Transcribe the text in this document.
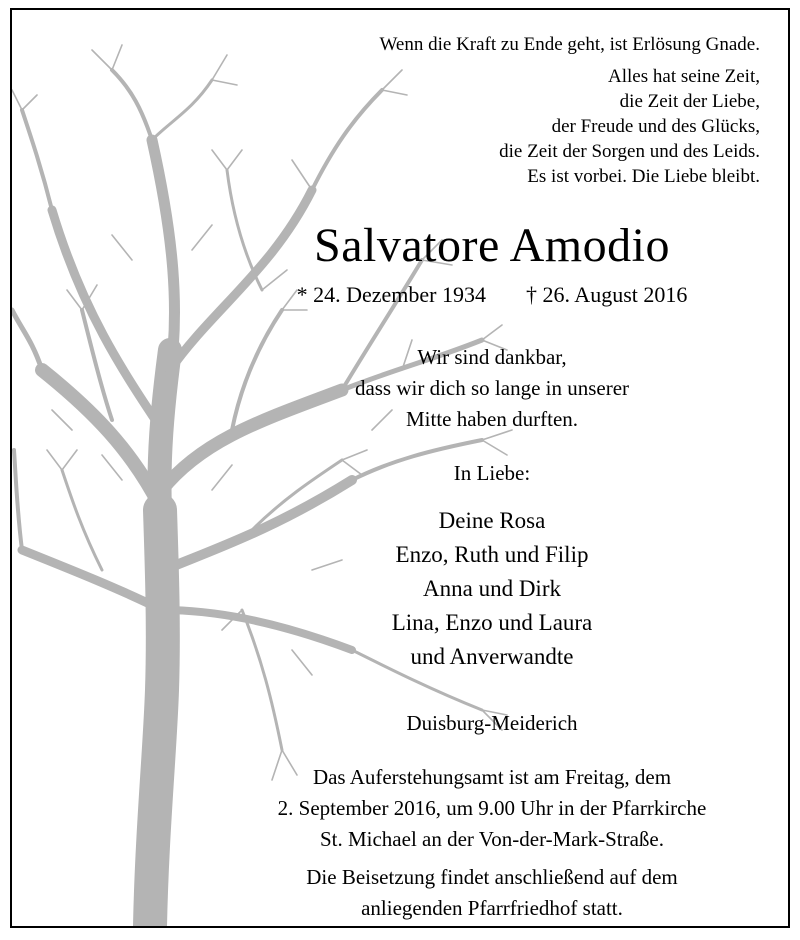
Wenn die Kraft zu Ende geht, ist Erlösung Gnade.
Alles hat seine Zeit,
die Zeit der Liebe,
der Freude und des Glücks,
die Zeit der Sorgen und des Leids.
Es ist vorbei. Die Liebe bleibt.
Salvatore Amodio
* 24. Dezember 1934 † 26. August 2016
Wir sind dankbar,
dass wir dich so lange in unserer
Mitte haben durften.
In Liebe:
Deine Rosa
Enzo, Ruth und Filip
Anna und Dirk
Lina, Enzo und Laura
und Anverwandte
Duisburg-Meiderich
Das Auferstehungsamt ist am Freitag, dem
2. September 2016, um 9.00 Uhr in der Pfarrkirche
St. Michael an der Von-der-Mark-Straße.
Die Beisetzung findet anschließend auf dem
anliegenden Pfarrfriedhof statt.
